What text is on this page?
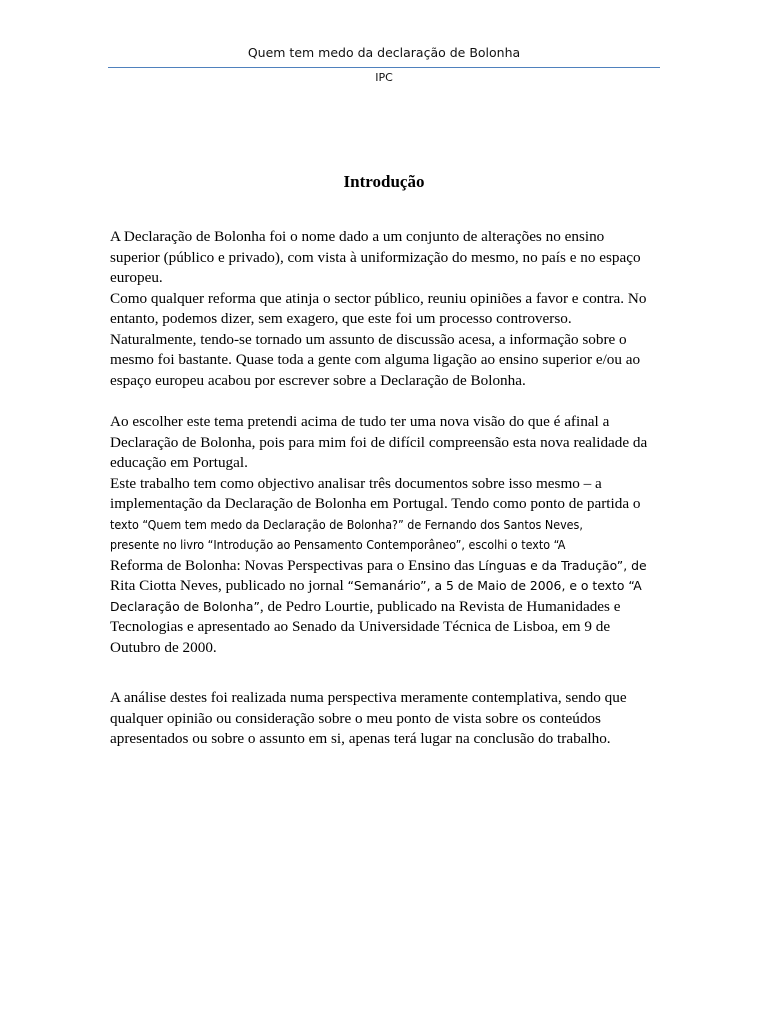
Quem tem medo da declaração de Bolonha
IPC
Introdução
A Declaração de Bolonha foi o nome dado a um conjunto de alterações no ensino
superior (público e privado), com vista à uniformização do mesmo, no país e no espaço
europeu.
Como qualquer reforma que atinja o sector público, reuniu opiniões a favor e contra. No
entanto, podemos dizer, sem exagero, que este foi um processo controverso.
Naturalmente, tendo-se tornado um assunto de discussão acesa, a informação sobre o
mesmo foi bastante. Quase toda a gente com alguma ligação ao ensino superior e/ou ao
espaço europeu acabou por escrever sobre a Declaração de Bolonha.
Ao escolher este tema pretendi acima de tudo ter uma nova visão do que é afinal a
Declaração de Bolonha, pois para mim foi de difícil compreensão esta nova realidade da
educação em Portugal.
Este trabalho tem como objectivo analisar três documentos sobre isso mesmo – a
implementação da Declaração de Bolonha em Portugal. Tendo como ponto de partida o
texto “Quem tem medo da Declaração de Bolonha?” de Fernando dos Santos Neves,
presente no livro “Introdução ao Pensamento Contemporâneo”, escolhi o texto “A
Reforma de Bolonha: Novas Perspectivas para o Ensino das Línguas e da Tradução”, de
Rita Ciotta Neves, publicado no jornal “Semanário”, a 5 de Maio de 2006, e o texto “A
Declaração de Bolonha”, de Pedro Lourtie, publicado na Revista de Humanidades e
Tecnologias e apresentado ao Senado da Universidade Técnica de Lisboa, em 9 de
Outubro de 2000.
A análise destes foi realizada numa perspectiva meramente contemplativa, sendo que
qualquer opinião ou consideração sobre o meu ponto de vista sobre os conteúdos
apresentados ou sobre o assunto em si, apenas terá lugar na conclusão do trabalho.
